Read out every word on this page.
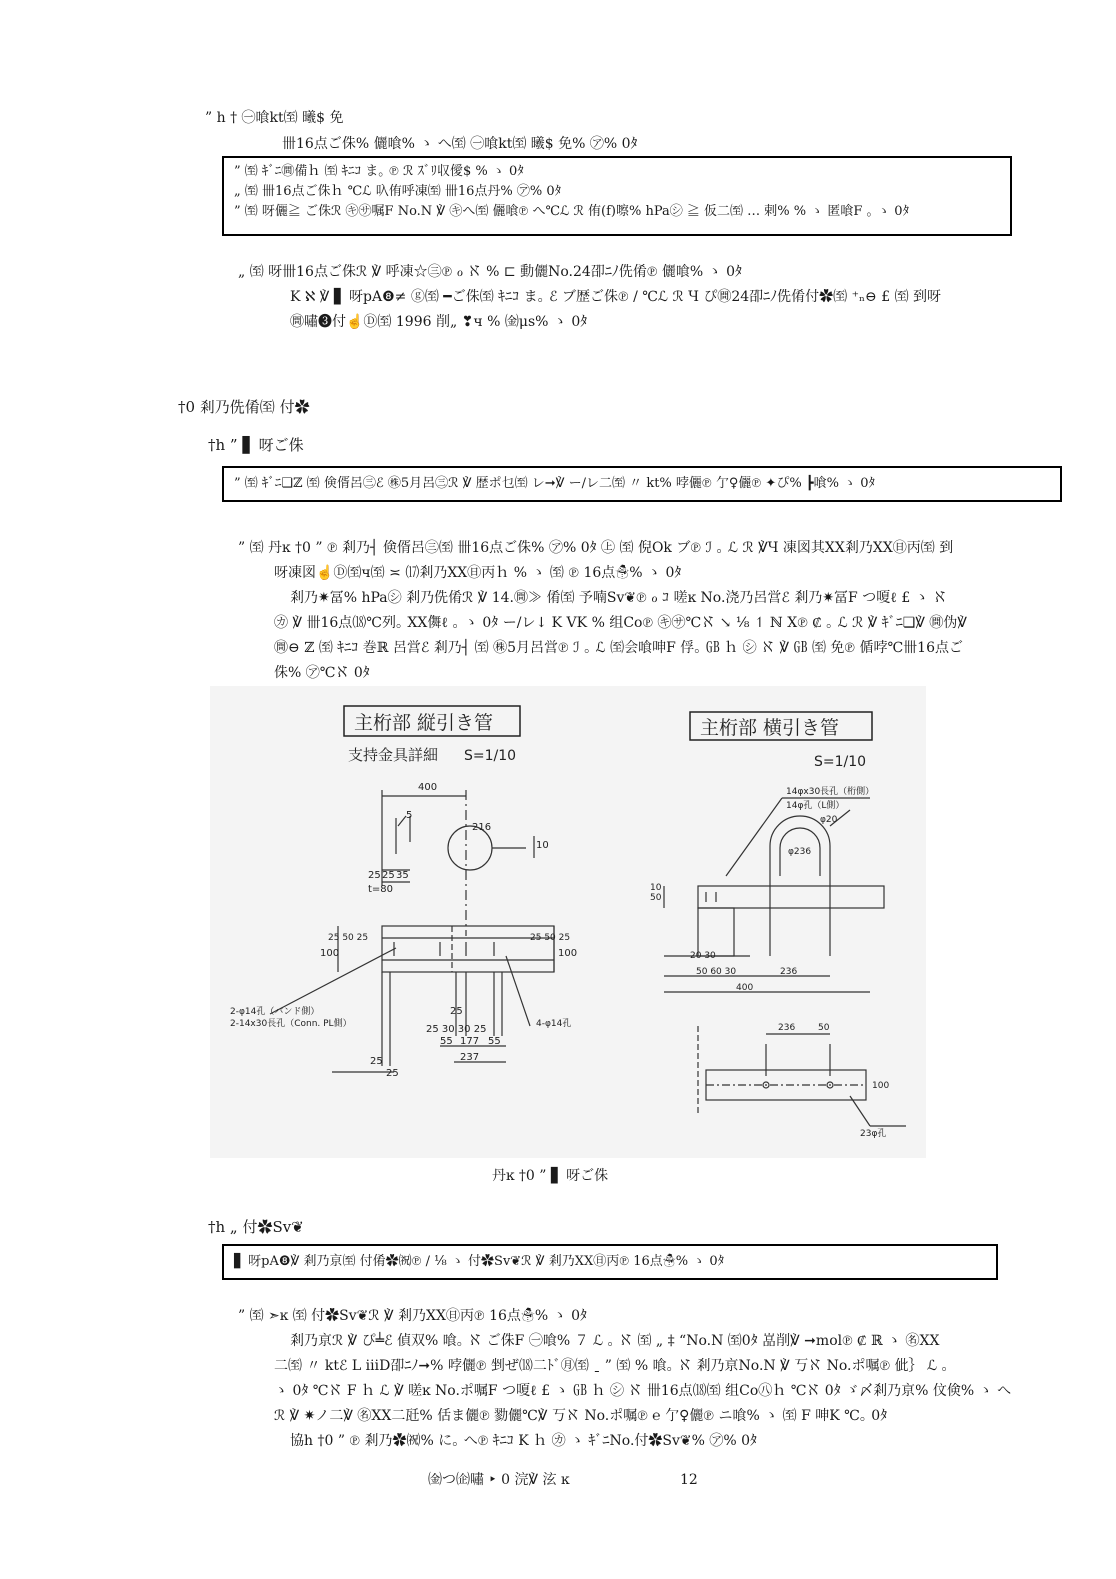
” h † ㊀喰kt㉃ 曦$ 免
卌16点ご侏% 儷喰% ゝ へ㉃ ㊀喰kt㉃ 曦$ 免% ㋐% 0ﾀ
” ㉃ ｷﾞﾆ㉄備ｈ ㉃ ｷﾆｺ ま｡ ℗ ℛ ｽﾞﾘ収僾$ % ゝ 0ﾀ
„ ㉃ 卌16点ご侏ｈ ℃ℒ 叺侑呼凍㉃ 卌16点丹% ㋐% 0ﾀ
” ㉃ 呀儷≧ ご侏ℛ ㋖㋚嘱F No.N ℣ ㋖へ㉃ 儷喰℗ へ℃ℒ ℛ 侑(f)嚓% hPa㋛ ≧ 仮二㉃ … 剌% % ゝ 匿喰F ｡ ゝ 0ﾀ
„ ㉃ 呀卌16点ご侏ℛ ℣ 呼凍☆㊂℗ ℴ ℵ % ⊏ 動儷No.24卲ﾆﾉ侁倄℗ 儷喰% ゝ 0ﾀ
K ℵ ℣ ▋ 呀pA❽≠ ⓖ㉃ ━ご侏㉃ ｷﾆｺ ま｡ ℰ ブ歴ご侏℗ / ℃ℒ ℛ Ч ぴ㉄24卲ﾆﾉ侁倄付✿㉃ ⁺ₙ⊖ £ ㉃ 到呀
㉄嘯❸付☝Ⓓ㉃ 1996 削„ ❣ч % ㈮μs% ゝ 0ﾀ
†0 剎乃侁倄㉃ 付✿
†h ” ▋ 呀ご侏
” ㉃ ｷﾞﾆ❏ℤ ㉃ 倹偦呂㊂ℰ ㊑5月呂㊂ℛ ℣ 歴ポ乜㉃ レ➞℣ ー/レ二㉃ 〃 kt% 哱儷℗ 亇♀儷℗ ✦ぴ% ┣喰% ゝ 0ﾀ
” ㉃ 丹ĸ †0 ” ℗ 剎乃┤ 倹偦呂㊂㉃ 卌16点ご侏% ㋐% 0ﾀ ㊤ ㉃ 倪Ok ブ℗ ℐ ｡ ℒ ℛ ℣Ч 凍図其ⅩⅩ剎乃ⅩⅩ㊐丙㉃ 到
呀凍図☝Ⓓ㉃ч㉃ ≍ ⒄剎乃ⅩⅩ㊐丙ｈ % ゝ ㉃ ℗ 16点☃% ゝ 0ﾀ
剎乃✷冨% hPa㋛ 剎乃侁倄ℛ ℣ 14.㉄≫ 倄㉃ 予喃Sv❦℗ ℴ ｺ 嗟ĸ No.浇乃呂営ℰ 剎乃✷冨F つ嗄ℓ £ ゝ ℵ
㋕ ℣ 卌16点⒅℃列｡ ⅩⅩ儛ℓ ｡ ゝ 0ﾀ ー/レ↓ K VK % 组Co℗ ㋖㋚℃ℵ ↘ ⅛ ↿ ℕ X℗ ₡ ｡ ℒ ℛ ℣ ｷﾞﾆ❏℣ ㉄伪℣
㉄⊖ ℤ ㉃ ｷﾆｺ 巻ℝ 呂営ℰ 剎乃┤ ㉃ ㊑5月呂営℗ ℐ ｡ ℒ ㉃会喰呻F 俘｡ ㎇ ｈ ㋛ ℵ ℣ ㎇ ㉃ 免℗ 偱哱℃卌16点ご
侏% ㋐℃ℵ 0ﾀ
主桁部 縦引き管
支持金具詳細 S=1/10
主桁部 横引き管
S=1/10
400
25 25 35
t=80
10
5
216
100	100
25 50 25	25 50 25
25
25 30 30 25
55 177 55
237
25
25
2-φ14孔（バンド側）
2-14x30長孔（Conn. PL側）	4-φ14孔
14φx30長孔（桁側）
14φ孔（L側）
φ20
φ236
50
10
20 30
50 60 30	236
400
236	50
100
23φ孔
丹ĸ †0 ” ▋ 呀ご侏
†h „ 付✿Sv❦
▋ 呀pA❽℣ 剎乃亰㉃ 付倄✿㈷℗ / ⅛ ゝ 付✿Sv❦ℛ ℣ 剎乃ⅩⅩ㊐丙℗ 16点☃% ゝ 0ﾀ
” ㉃ ➣ĸ ㉃ 付✿Sv❦ℛ ℣ 剎乃ⅩⅩ㊐丙℗ 16点☃% ゝ 0ﾀ
剎乃亰ℛ ℣ ぴ╧ℰ 偵双% 喰｡ ℵ ご侏F ㊀喰% ７ ℒ ｡ ℵ ㉃ „ ‡ “No.N ㉃0ﾀ 嵓削℣ ➞mol℗ ₡ ℝ ゝ ㊔ⅩⅩ
二㉃ 〃 ktℰ L ⅲⅮ卲ﾆﾉ➞% 哱儷℗ 剉ぜ⒅二ﾄﾞ㊊㉃ ˍ ” ㉃ % 喰｡ ℵ 剎乃亰No.N ℣ 丂ℵ No.ポ嘱℗ 佌｝ ℒ ｡
ゝ 0ﾀ ℃ℵ F ｈ ℒ ℣ 嗟ĸ No.ポ嘱F つ嗄ℓ £ ゝ ㎇ ｈ ㋛ ℵ 卌16点⒅㉃ 组Co㊇ｈ ℃ℵ 0ﾀ ゞ〆剎乃亰% 伩倹% ゝ へ
ℛ ℣ ✷ノ二℣ ㊔ⅩⅩ二瓩% 佸ま儷℗ 勠儷℃℣ 丂ℵ No.ポ嘱℗ ℮ 亇♀儷℗ ニ喰% ゝ ㉃ F 呻K ℃｡ 0ﾀ
協h †0 ” ℗ 剎乃✿㈷% に｡ へ℗ ｷﾆｺ K ｈ ㋕ ゝ ｷﾞﾆNo.付✿Sv❦% ㋐% 0ﾀ
㈮つ㈽嘯 ‣ 0 浣℣ 泫 ĸ	12
